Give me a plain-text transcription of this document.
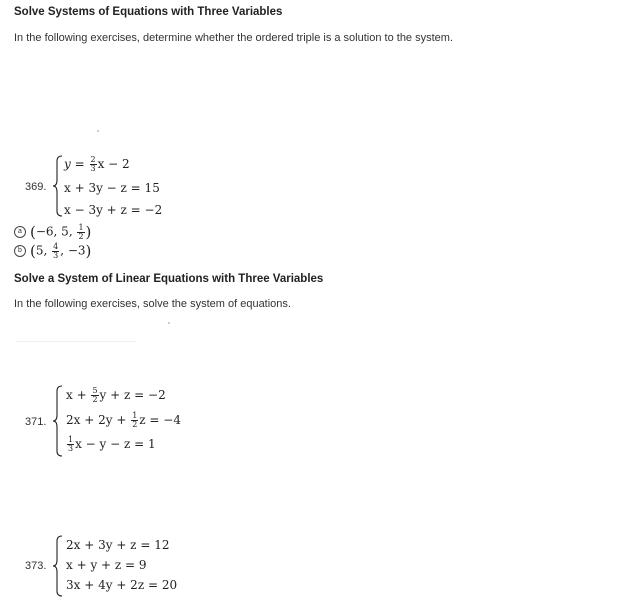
Solve Systems of Equations with Three Variables
In the following exercises, determine whether the ordered triple is a solution to the system.
369.
$y = \frac{2}{3}$ x − 2
x + 3y − z = 15
x − 3y + z = −2
a (−6, 5, $\frac{1}{2}$ )
b (5, $\frac{4}{3}$ , −3)
Solve a System of Linear Equations with Three Variables
In the following exercises, solve the system of equations.
371.
$x + \frac{5}{2}$ y + z = −2
$2x + 2y + \frac{1}{2}$ z = −4
$\frac{1}{3}$ x − y − z = 1
373.
2x + 3y + z = 12
x + y + z = 9
3x + 4y + 2z = 20
